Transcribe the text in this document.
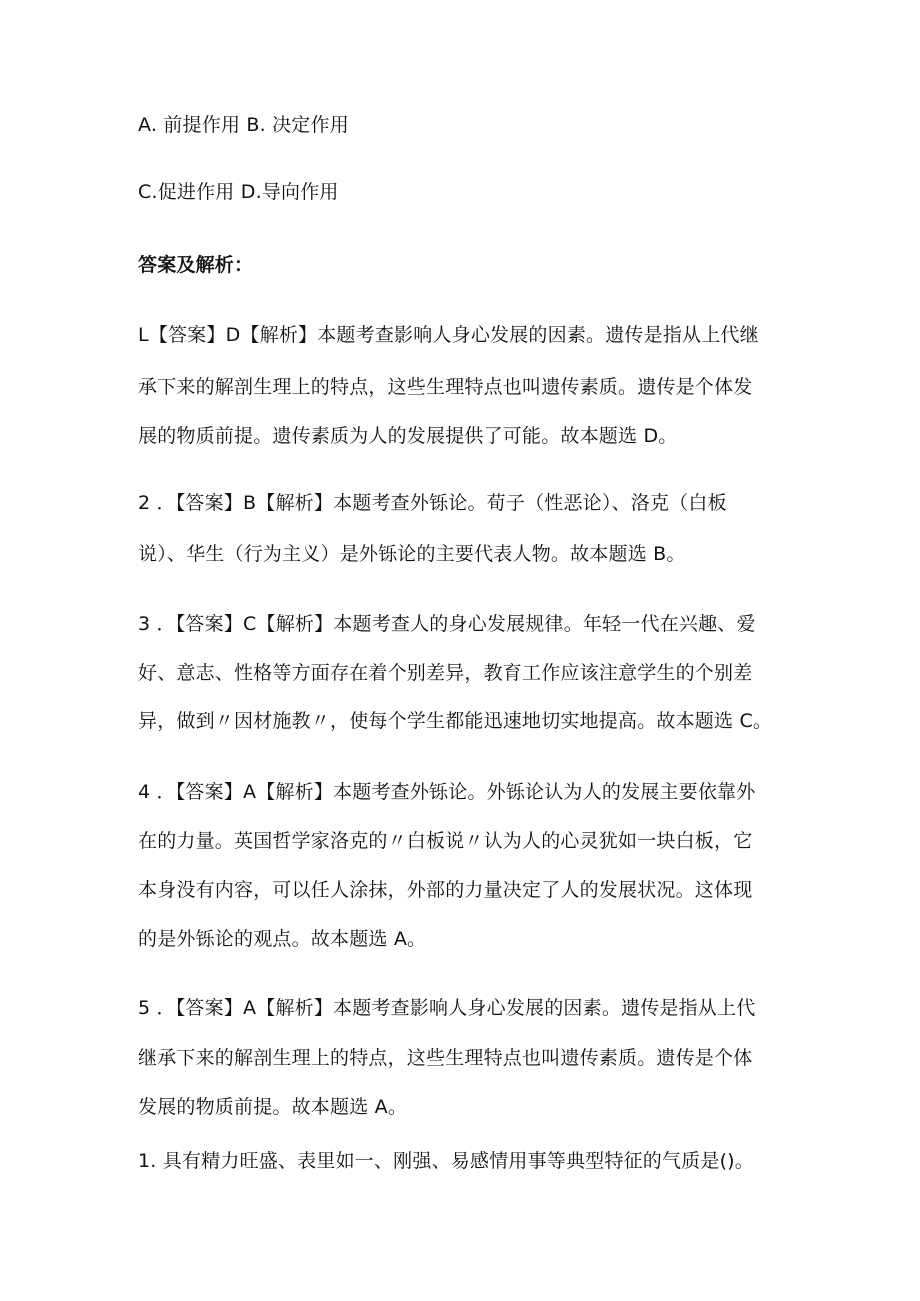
A. 前提作用 B. 决定作用
C.促进作用 D.导向作用
答案及解析：
L【答案】D【解析】本题考查影响人身心发展的因素。遗传是指从上代继
承下来的解剖生理上的特点，这些生理特点也叫遗传素质。遗传是个体发
展的物质前提。遗传素质为人的发展提供了可能。故本题选 D。
2 ．【答案】B【解析】本题考查外铄论。荀子（性恶论）、洛克（白板
说）、华生（行为主义）是外铄论的主要代表人物。故本题选 B。
3 ．【答案】C【解析】本题考查人的身心发展规律。年轻一代在兴趣、爱
好、意志、性格等方面存在着个别差异，教育工作应该注意学生的个别差
异，做到〃因材施教〃，使每个学生都能迅速地切实地提高。故本题选 C。
4 ．【答案】A【解析】本题考查外铄论。外铄论认为人的发展主要依靠外
在的力量。英国哲学家洛克的〃白板说〃认为人的心灵犹如一块白板，它
本身没有内容，可以任人涂抹，外部的力量决定了人的发展状况。这体现
的是外铄论的观点。故本题选 A。
5 ．【答案】A【解析】本题考查影响人身心发展的因素。遗传是指从上代
继承下来的解剖生理上的特点，这些生理特点也叫遗传素质。遗传是个体
发展的物质前提。故本题选 A。
1. 具有精力旺盛、表里如一、刚强、易感情用事等典型特征的气质是()。
